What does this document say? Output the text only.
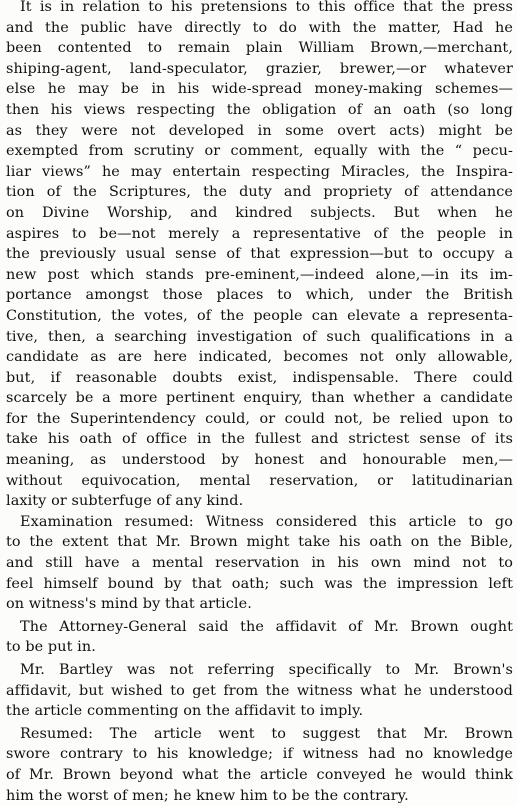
It is in relation to his pretensions to this office that the press
and the public have directly to do with the matter, Had he
been contented to remain plain William Brown,—merchant,
shiping-agent, land-speculator, grazier, brewer,—or whatever
else he may be in his wide-spread money-making schemes—
then his views respecting the obligation of an oath (so long
as they were not developed in some overt acts) might be
exempted from scrutiny or comment, equally with the “ pecu-
liar views” he may entertain respecting Miracles, the Inspira-
tion of the Scriptures, the duty and propriety of attendance
on Divine Worship, and kindred subjects. But when he
aspires to be—not merely a representative of the people in
the previously usual sense of that expression—but to occupy a
new post which stands pre-eminent,—indeed alone,—in its im-
portance amongst those places to which, under the British
Constitution, the votes, of the people can elevate a representa-
tive, then, a searching investigation of such qualifications in a
candidate as are here indicated, becomes not only allowable,
but, if reasonable doubts exist, indispensable. There could
scarcely be a more pertinent enquiry, than whether a candidate
for the Superintendency could, or could not, be relied upon to
take his oath of office in the fullest and strictest sense of its
meaning, as understood by honest and honourable men,—
without equivocation, mental reservation, or latitudinarian
laxity or subterfuge of any kind.
Examination resumed: Witness considered this article to go
to the extent that Mr. Brown might take his oath on the Bible,
and still have a mental reservation in his own mind not to
feel himself bound by that oath; such was the impression left
on witness's mind by that article.
The Attorney-General said the affidavit of Mr. Brown ought
to be put in.
Mr. Bartley was not referring specifically to Mr. Brown's
affidavit, but wished to get from the witness what he understood
the article commenting on the affidavit to imply.
Resumed: The article went to suggest that Mr. Brown
swore contrary to his knowledge; if witness had no knowledge
of Mr. Brown beyond what the article conveyed he would think
him the worst of men; he knew him to be the contrary.
